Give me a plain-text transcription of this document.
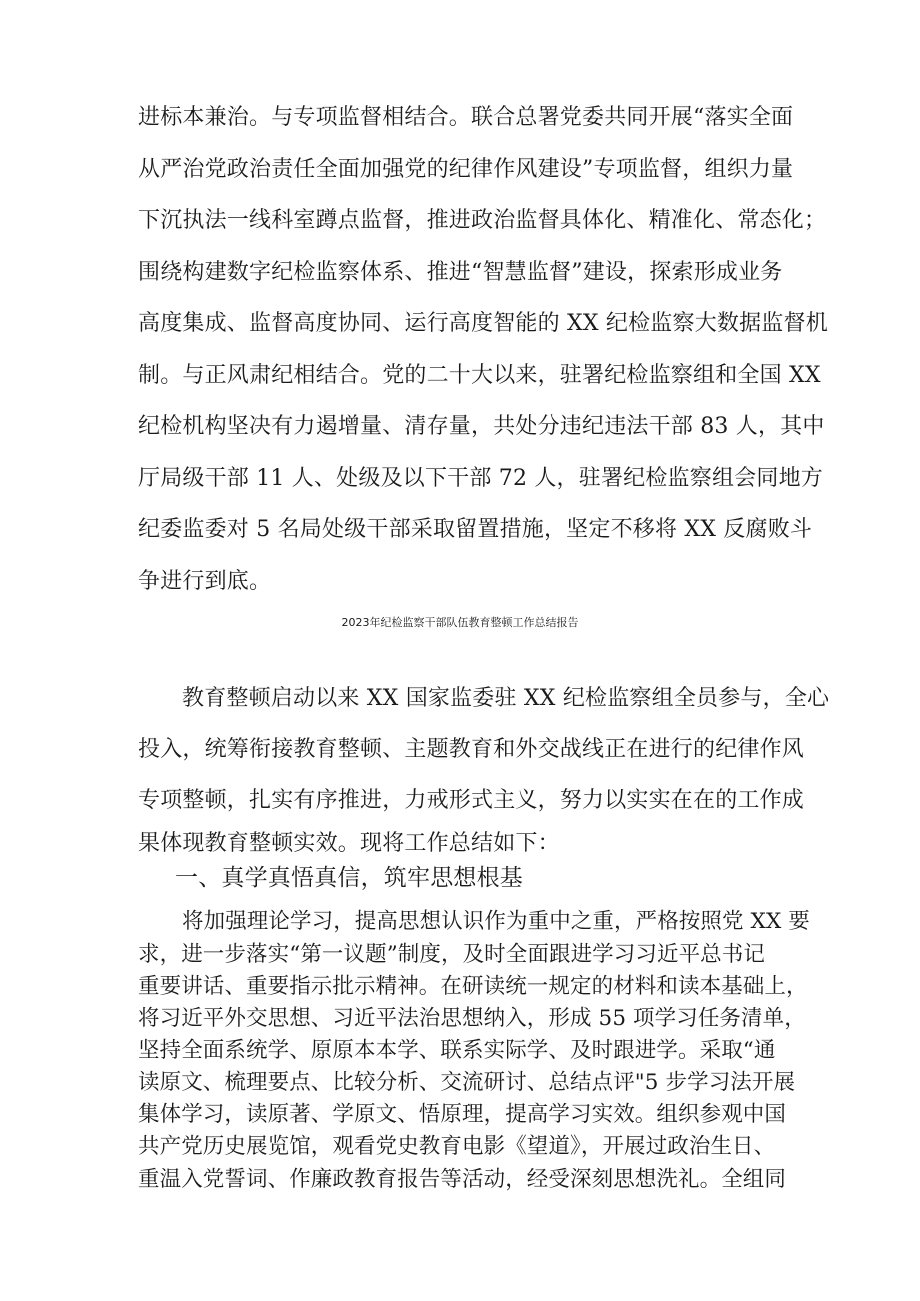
进标本兼治。与专项监督相结合。联合总署党委共同开展“落实全面
从严治党政治责任全面加强党的纪律作风建设”专项监督，组织力量
下沉执法一线科室蹲点监督，推进政治监督具体化、精准化、常态化；
围绕构建数字纪检监察体系、推进“智慧监督”建设，探索形成业务
高度集成、监督高度协同、运行高度智能的 XX 纪检监察大数据监督机
制。与正风肃纪相结合。党的二十大以来，驻署纪检监察组和全国 XX
纪检机构坚决有力遏增量、清存量，共处分违纪违法干部 83 人，其中
厅局级干部 11 人、处级及以下干部 72 人，驻署纪检监察组会同地方
纪委监委对 5 名局处级干部采取留置措施，坚定不移将 XX 反腐败斗
争进行到底。
2023年纪检监察干部队伍教育整顿工作总结报告
教育整顿启动以来 XX 国家监委驻 XX 纪检监察组全员参与，全心
投入，统筹衔接教育整顿、主题教育和外交战线正在进行的纪律作风
专项整顿，扎实有序推进，力戒形式主义，努力以实实在在的工作成
果体现教育整顿实效。现将工作总结如下：
一、真学真悟真信，筑牢思想根基
将加强理论学习，提高思想认识作为重中之重，严格按照党 XX 要
求，进一步落实“第一议题”制度，及时全面跟进学习习近平总书记
重要讲话、重要指示批示精神。在研读统一规定的材料和读本基础上，
将习近平外交思想、习近平法治思想纳入，形成 55 项学习任务清单，
坚持全面系统学、原原本本学、联系实际学、及时跟进学。采取“通
读原文、梳理要点、比较分析、交流研讨、总结点评"5 步学习法开展
集体学习，读原著、学原文、悟原理，提高学习实效。组织参观中国
共产党历史展览馆，观看党史教育电影《望道》，开展过政治生日、
重温入党誓词、作廉政教育报告等活动，经受深刻思想洗礼。全组同
